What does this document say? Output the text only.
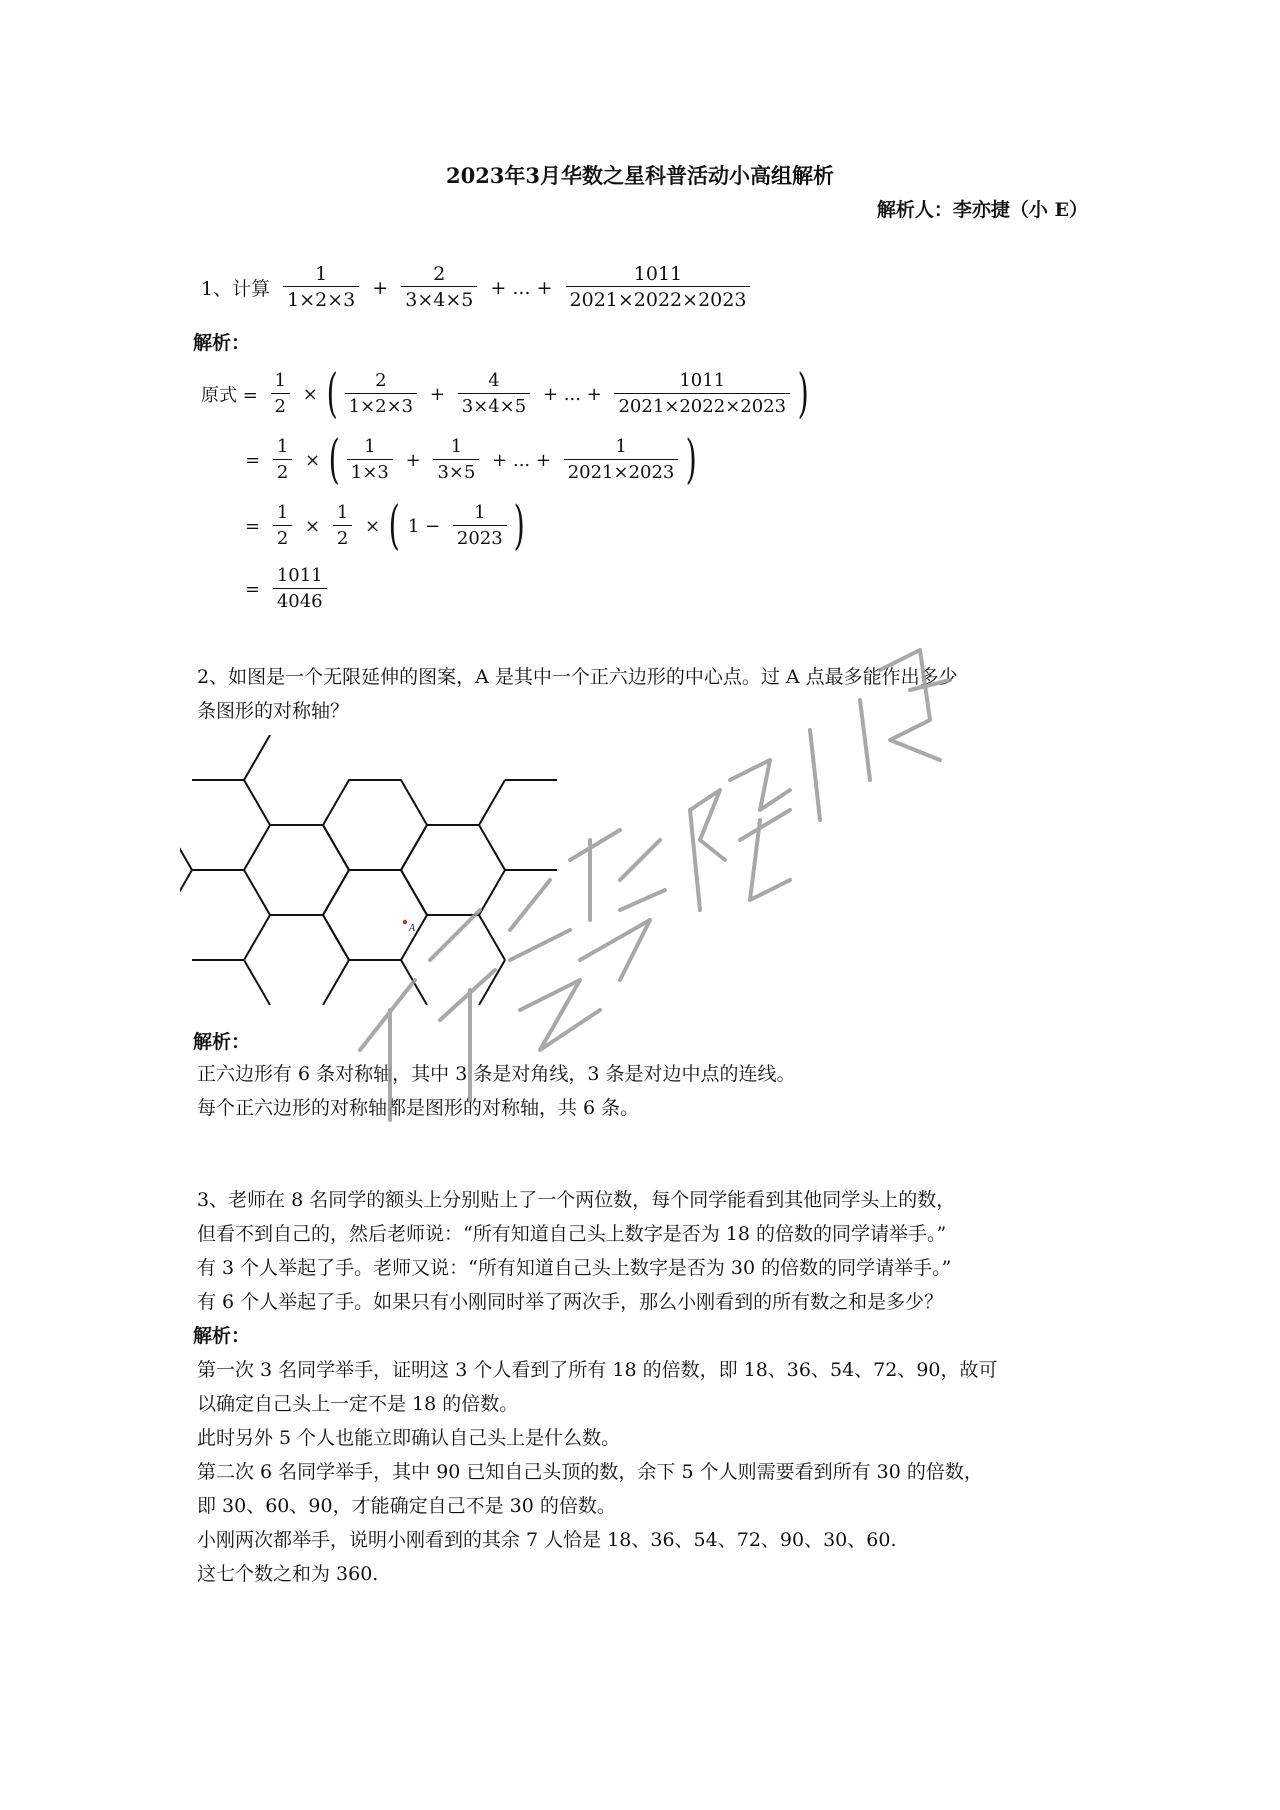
2023年3月华数之星科普活动小高组解析
解析人：李亦捷（小 E）
1、计算 $\frac{1}{1\times 2\times 3} + \frac{2}{3\times 4\times 5}$ + ... + $\frac{1011}{2021\times 2022\times 2023}$
解析：
原式 = $\frac{1}{2}$ × ( $\frac{2}{1\times 2\times 3} + \frac{4}{3\times 4\times 5}$ + ... + $\frac{1011}{2021\times 2022\times 2023}$ )
= $\frac{1}{2}$ × ( $\frac{1}{1\times 3} + \frac{1}{3\times 5}$ + ... + $\frac{1}{2021\times 2023}$ )
= $\frac{1}{2} \times \frac{1}{2}$ × ( $1 - \frac{1}{2023}$ )
= $\frac{1011}{4046}$
2、如图是一个无限延伸的图案，A 是其中一个正六边形的中心点。过 A 点最多能作出多少
条图形的对称轴？
A
解析：
正六边形有 6 条对称轴，其中 3 条是对角线，3 条是对边中点的连线。
每个正六边形的对称轴都是图形的对称轴，共 6 条。
3、老师在 8 名同学的额头上分别贴上了一个两位数，每个同学能看到其他同学头上的数，
但看不到自己的，然后老师说：“所有知道自己头上数字是否为 18 的倍数的同学请举手。”
有 3 个人举起了手。老师又说：“所有知道自己头上数字是否为 30 的倍数的同学请举手。”
有 6 个人举起了手。如果只有小刚同时举了两次手，那么小刚看到的所有数之和是多少？
解析：
第一次 3 名同学举手，证明这 3 个人看到了所有 18 的倍数，即 18、36、54、72、90，故可
以确定自己头上一定不是 18 的倍数。
此时另外 5 个人也能立即确认自己头上是什么数。
第二次 6 名同学举手，其中 90 已知自己头顶的数，余下 5 个人则需要看到所有 30 的倍数，
即 30、60、90，才能确定自己不是 30 的倍数。
小刚两次都举手，说明小刚看到的其余 7 人恰是 18、36、54、72、90、30、60.
这七个数之和为 360.
